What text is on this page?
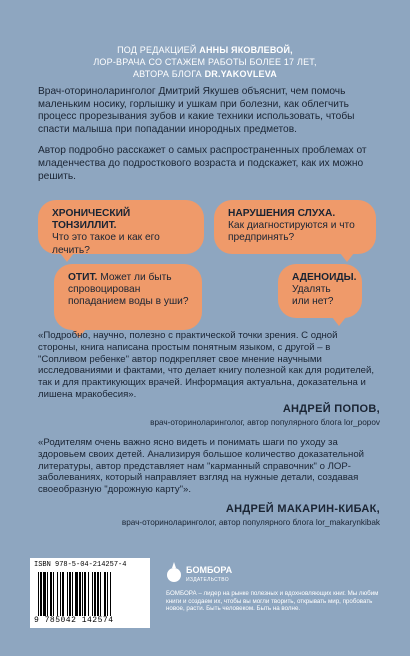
ПОД РЕДАКЦИЕЙ АННЫ ЯКОВЛЕВОЙ,
ЛОР-ВРАЧА СО СТАЖЕМ РАБОТЫ БОЛЕЕ 17 ЛЕТ,
АВТОРА БЛОГА DR.YAKOVLEVA

Врач-оториноларинголог Дмитрий Якушев объяснит, чем помочь маленьким носику, горлышку и ушкам при болезни, как облегчить процесс прорезывания зубов и какие техники использовать, чтобы спасти малыша при попадании инородных предметов.

Автор подробно расскажет о самых распространенных проблемах от младенчества до подросткового возраста и подскажет, как их можно решить.

ХРОНИЧЕСКИЙ ТОНЗИЛЛИТ.
Что это такое и как его лечить?
НАРУШЕНИЯ СЛУХА.
Как диагностируются и что предпринять?
ОТИТ. Может ли быть спровоцирован попаданием воды в уши?
АДЕНОИДЫ.
Удалять или нет?
«Подробно, научно, полезно с практической точки зрения. С одной стороны, книга написана простым понятным языком, с другой – в "Сопливом ребенке" автор подкрепляет свое мнение научными исследованиями и фактами, что делает книгу полезной как для родителей, так и для практикующих врачей. Информация актуальна, доказательна и лишена мракобесия».
АНДРЕЙ ПОПОВ,
врач-оториноларинголог, автор популярного блога lor_popov
«Родителям очень важно ясно видеть и понимать шаги по уходу за здоровьем своих детей. Анализируя большое количество доказательной литературы, автор представляет нам "карманный справочник" о ЛОР-заболеваниях, который направляет взгляд на нужные детали, создавая своеобразную "дорожную карту"».
АНДРЕЙ МАКАРИН-КИБАК,
врач-оториноларинголог, автор популярного блога lor_makarynkibak
ISBN 978-5-04-214257-4
9 785042 142574
БОМБОРА
ИЗДАТЕЛЬСТВО
БОМБОРА – лидер на рынке полезных и вдохновляющих книг. Мы любим книги и создаем их, чтобы вы могли творить, открывать мир, пробовать новое, расти. Быть человеком. Быть на волне.
